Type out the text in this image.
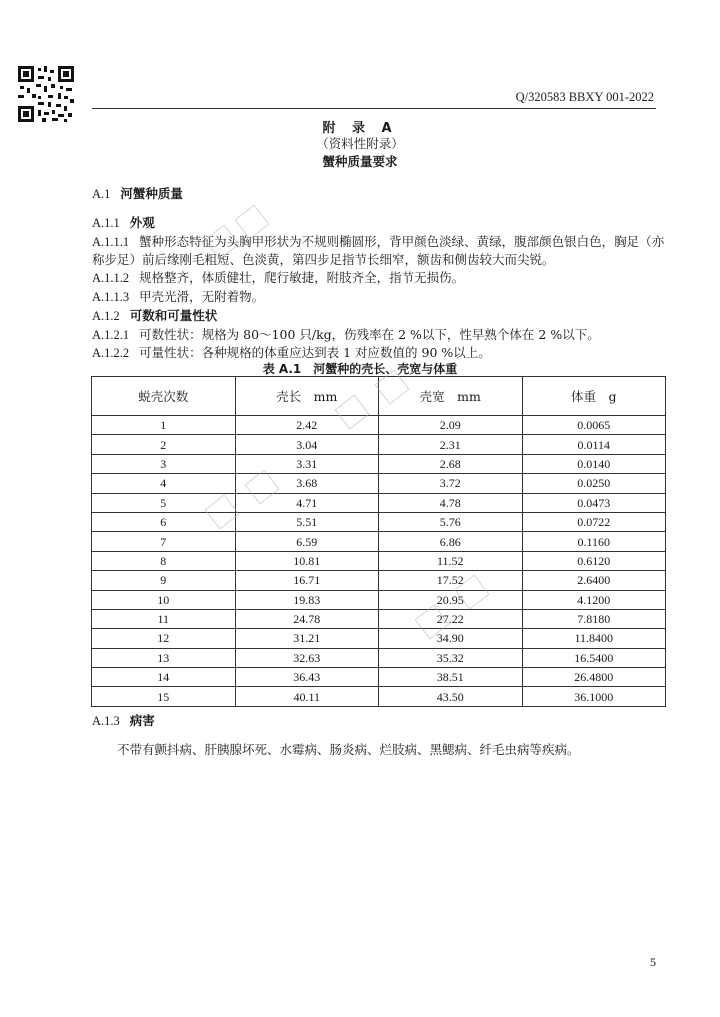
Q/320583 BBXY 001-2022
附 录 A
（资料性附录）
蟹种质量要求
A.1 河蟹种质量
A.1.1 外观
A.1.1.1 蟹种形态特征为头胸甲形状为不规则椭圆形，背甲颜色淡绿、黄绿，腹部颜色银白色，胸足（亦
称步足）前后缘刚毛粗短、色淡黄，第四步足指节长细窄，额齿和侧齿较大而尖锐。
A.1.1.2 规格整齐，体质健壮，爬行敏捷，附肢齐全，指节无损伤。
A.1.1.3 甲壳光滑，无附着物。
A.1.2 可数和可量性状
A.1.2.1 可数性状：规格为 80～100 只/kg，伤残率在 2 %以下，性早熟个体在 2 %以下。
A.1.2.2 可量性状：各种规格的体重应达到表 1 对应数值的 90 %以上。
表 A.1　河蟹种的壳长、壳宽与体重
蜕壳次数	壳长　mm	壳宽　mm	体重　g
1	2.42	2.09	0.0065
2	3.04	2.31	0.0114
3	3.31	2.68	0.0140
4	3.68	3.72	0.0250
5	4.71	4.78	0.0473
6	5.51	5.76	0.0722
7	6.59	6.86	0.1160
8	10.81	11.52	0.6120
9	16.71	17.52	2.6400
10	19.83	20.95	4.1200
11	24.78	27.22	7.8180
12	31.21	34.90	11.8400
13	32.63	35.32	16.5400
14	36.43	38.51	26.4800
15	40.11	43.50	36.1000
A.1.3 病害
不带有颤抖病、肝胰腺坏死、水霉病、肠炎病、烂肢病、黑鳃病、纤毛虫病等疾病。
5
